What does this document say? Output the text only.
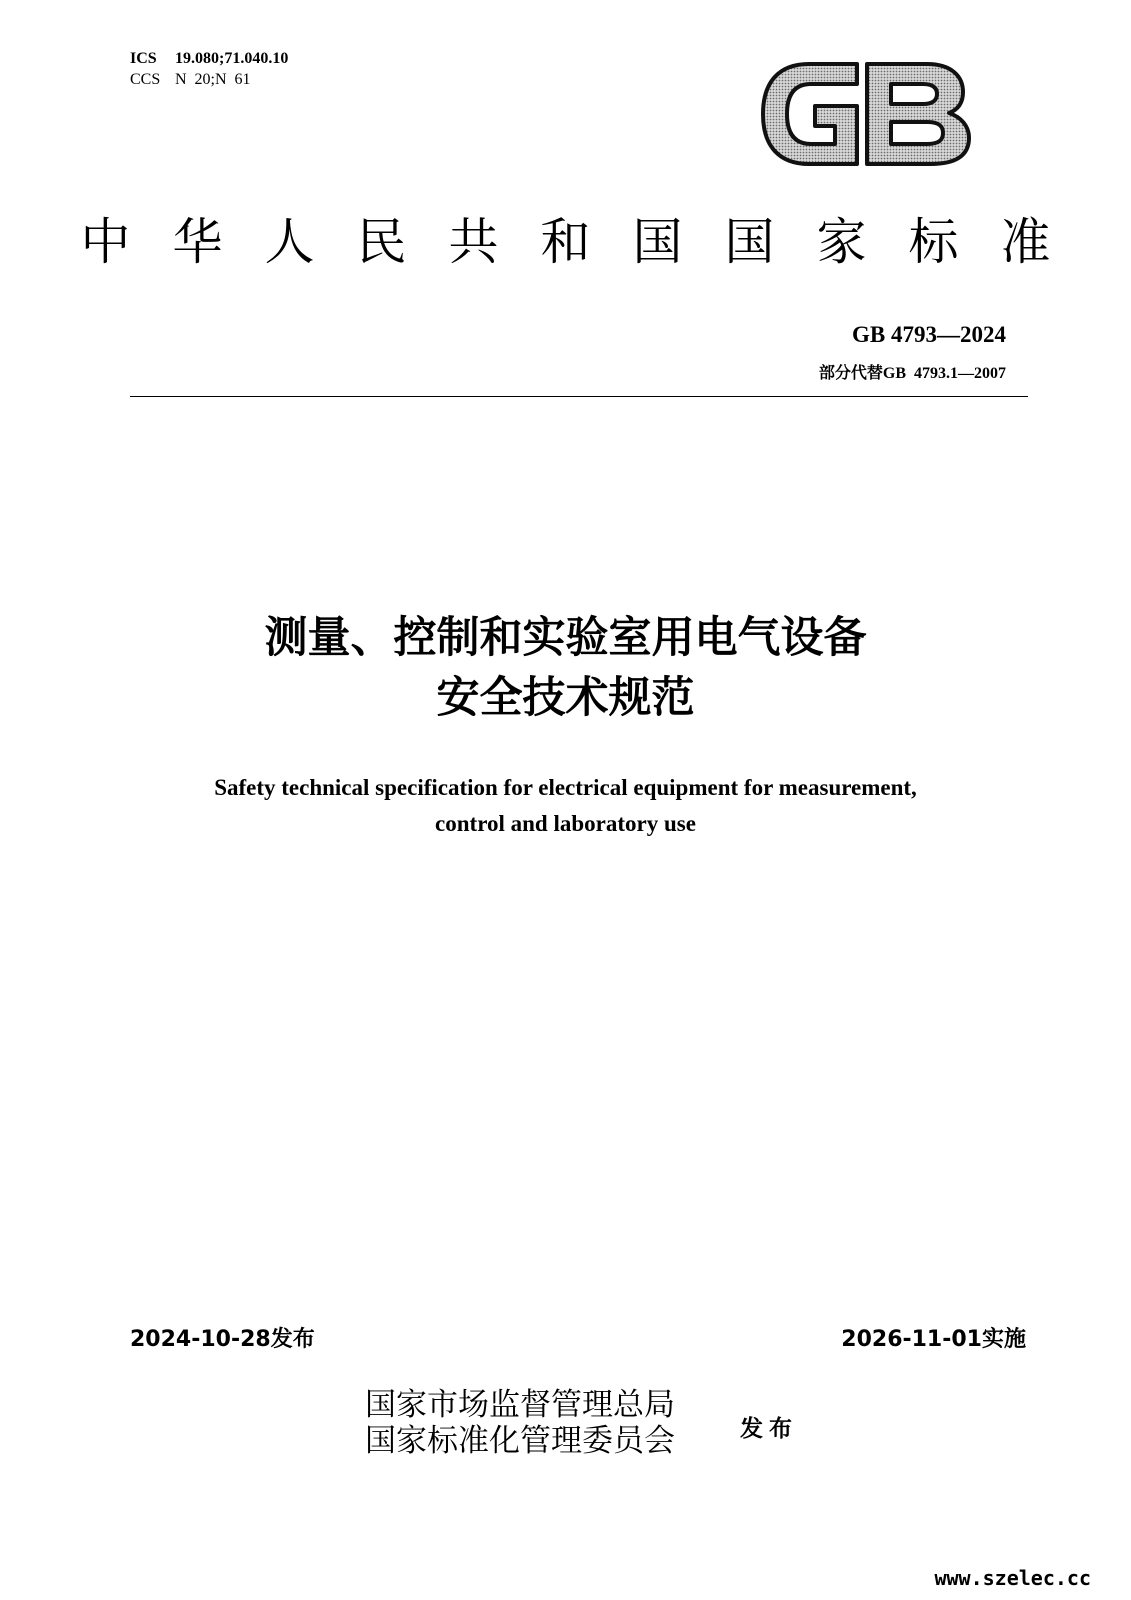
ICS	19.080;71.040.10
CCS N  20;N  61
中华人民共和国国家标准
GB 4793—2024
部分代替GB  4793.1—2007
测量、控制和实验室用电气设备
安全技术规范
Safety technical specification for electrical equipment for measurement,
control and laboratory use
2024-10-28发布	2026-11-01实施
国家市场监督管理总局
国家标准化管理委员会	发布
www.szelec.cc
